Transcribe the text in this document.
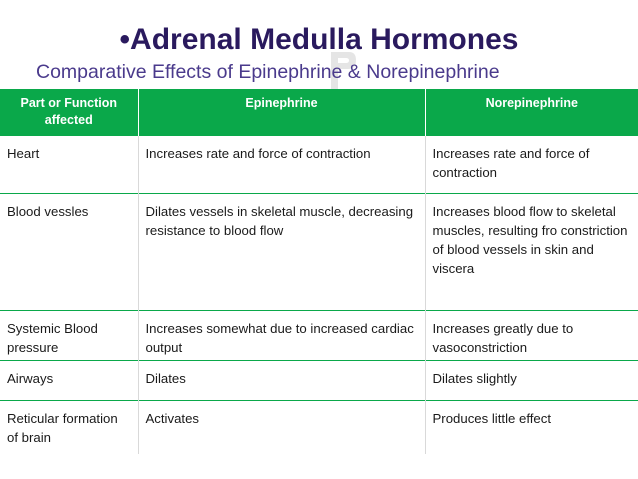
•Adrenal Medulla Hormones
Comparative Effects of Epinephrine & Norepinephrine
Part or Function affected	Epinephrine	Norepinephrine
Heart	Increases rate and force of contraction	Increases rate and force of contraction
Blood vessles	Dilates vessels in skeletal muscle, decreasing resistance to blood flow	Increases blood flow to skeletal muscles, resulting fro constriction of blood vessels in skin and viscera
Systemic Blood pressure	Increases somewhat due to increased cardiac output	Increases greatly due to vasoconstriction
Airways	Dilates	Dilates slightly
Reticular formation of brain	Activates	Produces little effect
